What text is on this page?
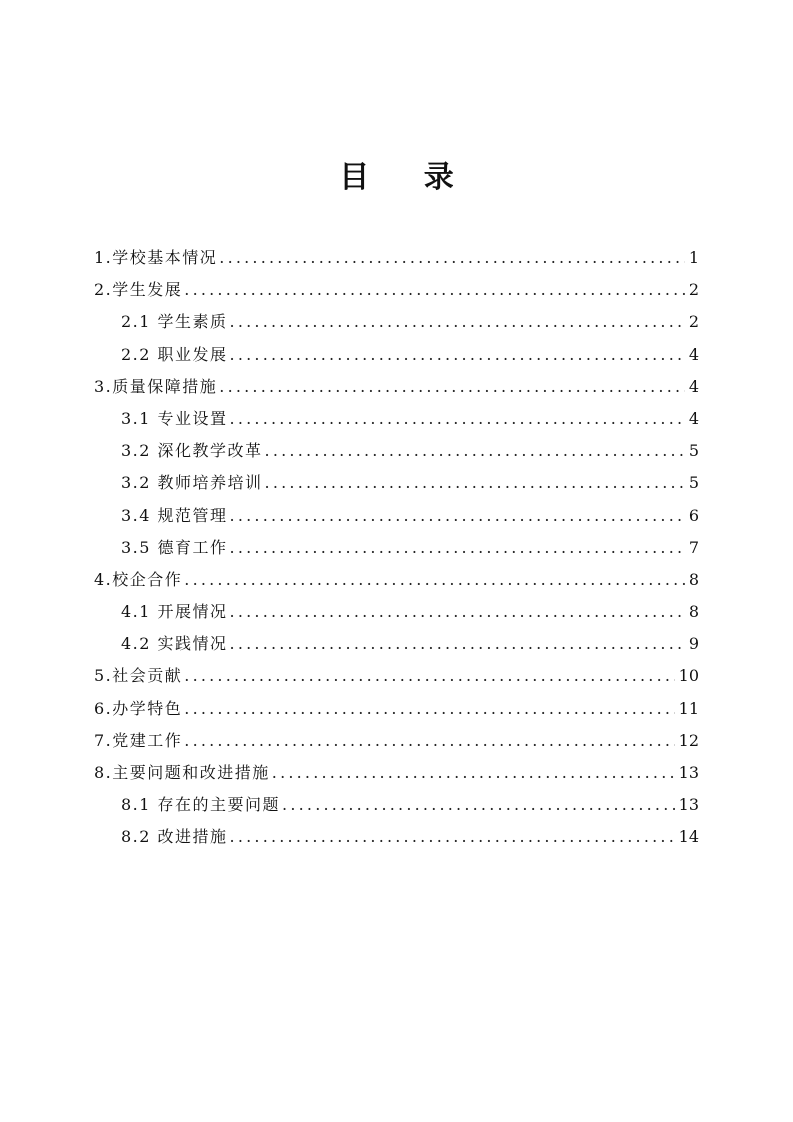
目 录
1.学校基本情况 .....	1
2.学生发展 .....	2
2.1 学生素质 .....	2
2.2 职业发展 .....	4
3.质量保障措施 .....	4
3.1 专业设置 .....	4
3.2 深化教学改革 .....	5
3.2 教师培养培训 .....	5
3.4 规范管理 .....	6
3.5 德育工作 .....	7
4.校企合作 .....	8
4.1 开展情况 .....	8
4.2 实践情况 .....	9
5.社会贡献 .....	10
6.办学特色 .....	11
7.党建工作 .....	12
8.主要问题和改进措施 .....	13
8.1 存在的主要问题 .....	13
8.2 改进措施 .....	14
